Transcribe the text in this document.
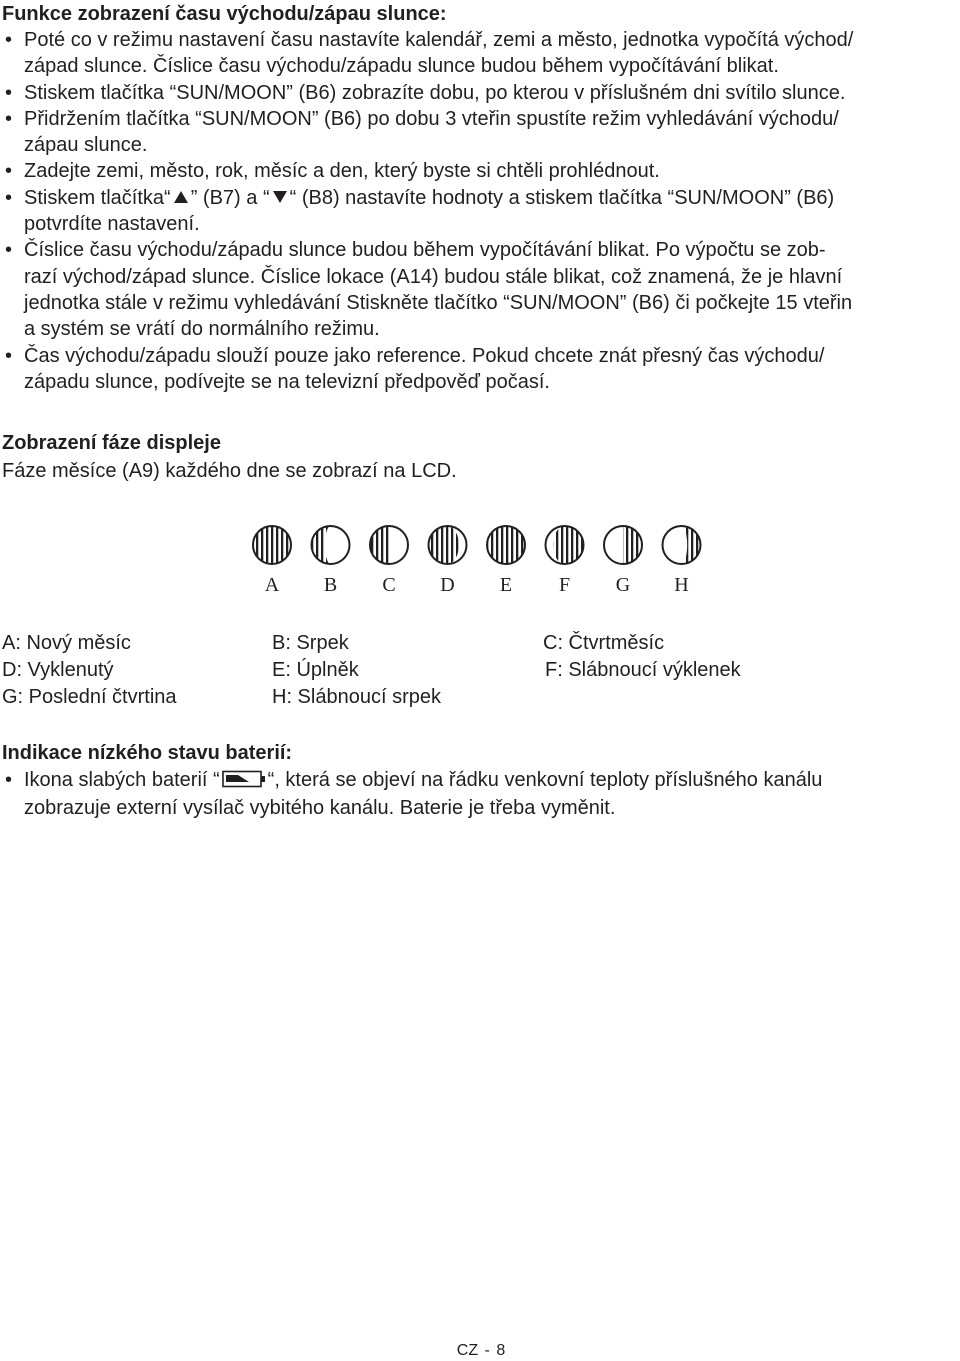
Funkce zobrazení času východu/zápau slunce:
• Poté co v režimu nastavení času nastavíte kalendář, zemi a město, jednotka vypočítá východ/
západ slunce. Číslice času východu/západu slunce budou během vypočítávání blikat.
• Stiskem tlačítka “SUN/MOON” (B6) zobrazíte dobu, po kterou v příslušném dni svítilo slunce.
• Přidržením tlačítka “SUN/MOON” (B6) po dobu 3 vteřin spustíte režim vyhledávání východu/
zápau slunce.
• Zadejte zemi, město, rok, měsíc a den, který byste si chtěli prohlédnout.
• Stiskem tlačítka“ ” (B7) a “ “ (B8) nastavíte hodnoty a stiskem tlačítka “SUN/MOON” (B6)
potvrdíte nastavení.
• Číslice času východu/západu slunce budou během vypočítávání blikat. Po výpočtu se zob-
razí východ/západ slunce. Číslice lokace (A14) budou stále blikat, což znamená, že je hlavní
jednotka stále v režimu vyhledávání Stiskněte tlačítko “SUN/MOON” (B6) či počkejte 15 vteřin
a systém se vrátí do normálního režimu.
• Čas východu/západu slouží pouze jako reference. Pokud chcete znát přesný čas východu/
západu slunce, podívejte se na televizní předpověď počasí.
Zobrazení fáze displeje

Fáze měsíce (A9) každého dne se zobrazí na LCD.

A B C D E F G H
A: Nový měsíc	B: Srpek	C: Čtvrtměsíc
D: Vyklenutý	E: Úplněk	F: Slábnoucí výklenek
G: Poslední čtvrtina	H: Slábnoucí srpek
Indikace nízkého stavu baterií:
• Ikona slabých baterií “ “, která se objeví na řádku venkovní teploty příslušného kanálu
zobrazuje externí vysílač vybitého kanálu. Baterie je třeba vyměnit.

CZ - 8
